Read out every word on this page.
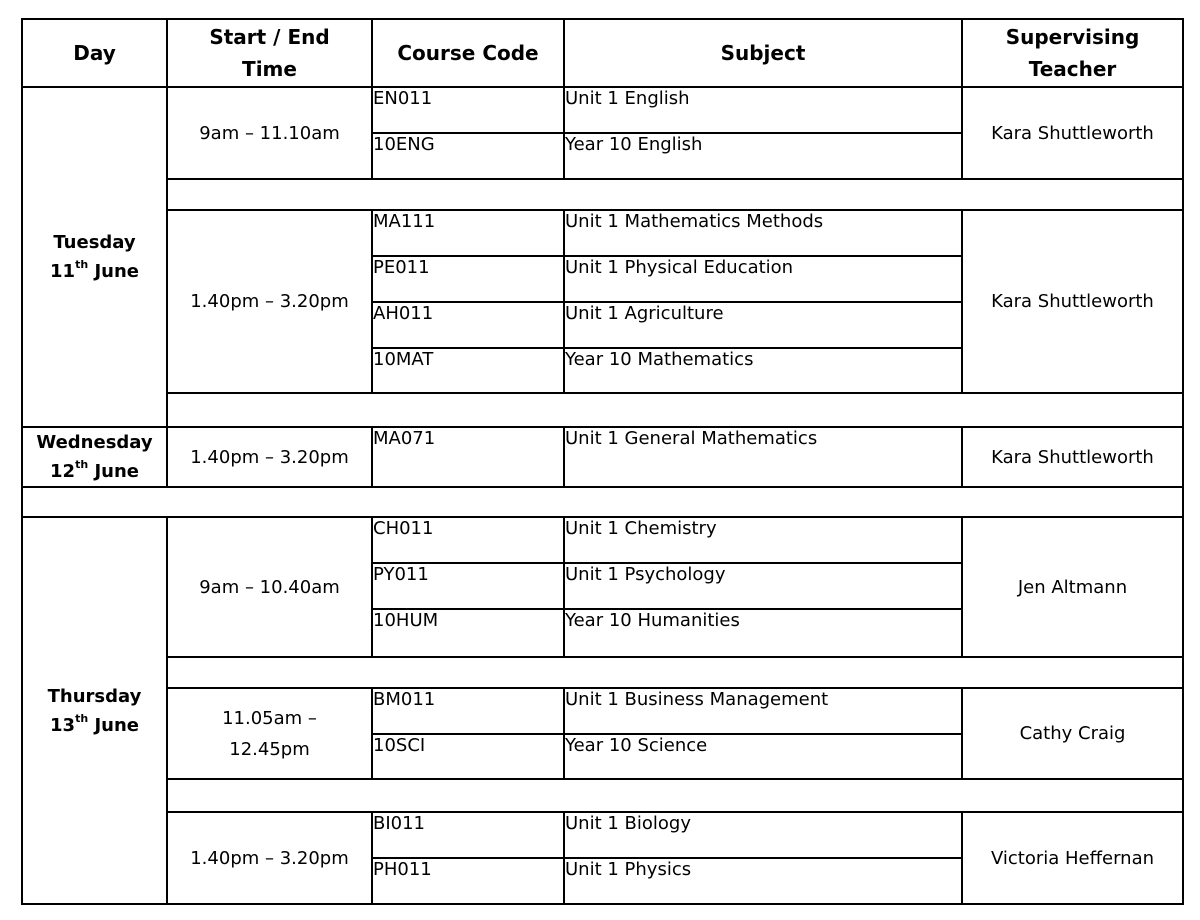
Day	Start / End Time	Course Code	Subject	Supervising Teacher

Tuesday
11th June	9am – 11.10am	EN011	Unit 1 English	Kara Shuttleworth
		10ENG	Year 10 English	

	1.40pm – 3.20pm	MA111	Unit 1 Mathematics Methods	Kara Shuttleworth
		PE011	Unit 1 Physical Education	
		AH011	Unit 1 Agriculture	
		10MAT	Year 10 Mathematics	

Wednesday
12th June	1.40pm – 3.20pm	MA071	Unit 1 General Mathematics	Kara Shuttleworth

Thursday
13th June	9am – 10.40am	CH011	Unit 1 Chemistry	Jen Altmann
		PY011	Unit 1 Psychology	
		10HUM	Year 10 Humanities	

	11.05am – 12.45pm	BM011	Unit 1 Business Management	Cathy Craig
		10SCI	Year 10 Science	

	1.40pm – 3.20pm	BI011	Unit 1 Biology	Victoria Heffernan
		PH011	Unit 1 Physics	
